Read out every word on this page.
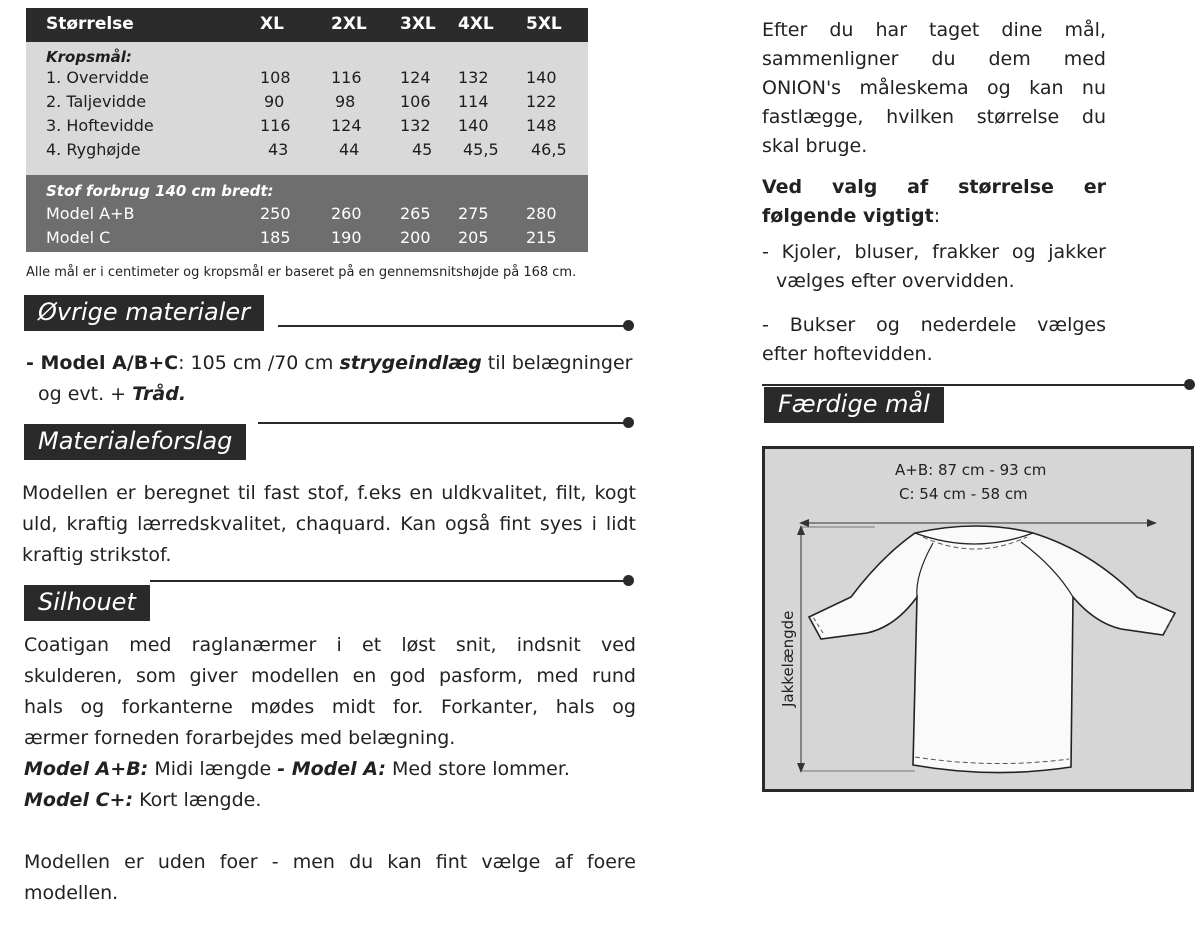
Størrelse	XL	2XL 3XL 4XL 5XL
Kropsmål:
1. Overvidde	108	116 124 132 140
2. Taljevidde	90	98	106 114 122
3. Hoftevidde	116	124 132 140 148
4. Ryghøjde	43	44	45 45,5 46,5
Stof forbrug 140 cm bredt:
Model A+B	250	260 265 275 280
Model C	185	190 200 205 215
Alle mål er i centimeter og kropsmål er baseret på en gennemsnitshøjde på 168 cm.
Øvrige materialer
- Model A/B+C: 105 cm /70 cm strygeindlæg til belægninger
og evt. + Tråd.
Materialeforslag
Modellen er beregnet til fast stof, f.eks en uldkvalitet, filt, kogt
uld, kraftig lærredskvalitet, chaquard. Kan også fint syes i lidt
kraftig strikstof.
Silhouet
Coatigan med raglanærmer i et løst snit, indsnit ved
skulderen, som giver modellen en god pasform, med rund
hals og forkanterne mødes midt for. Forkanter, hals og
ærmer forneden forarbejdes med belægning.
Model A+B: Midi længde - Model A: Med store lommer.
Model C+: Kort længde.
Modellen er uden foer - men du kan fint vælge af foere
modellen.
Efter du har taget dine mål,
sammenligner du dem med
ONION's måleskema og kan nu
fastlægge, hvilken størrelse du
skal bruge.
Ved valg af størrelse er
følgende vigtigt:
- Kjoler, bluser, frakker og jakker
vælges efter overvidden.
- Bukser og nederdele vælges
efter hoftevidden.
Færdige mål
A+B: 87 cm - 93 cm
C: 54 cm - 58 cm
Jakkelængde
